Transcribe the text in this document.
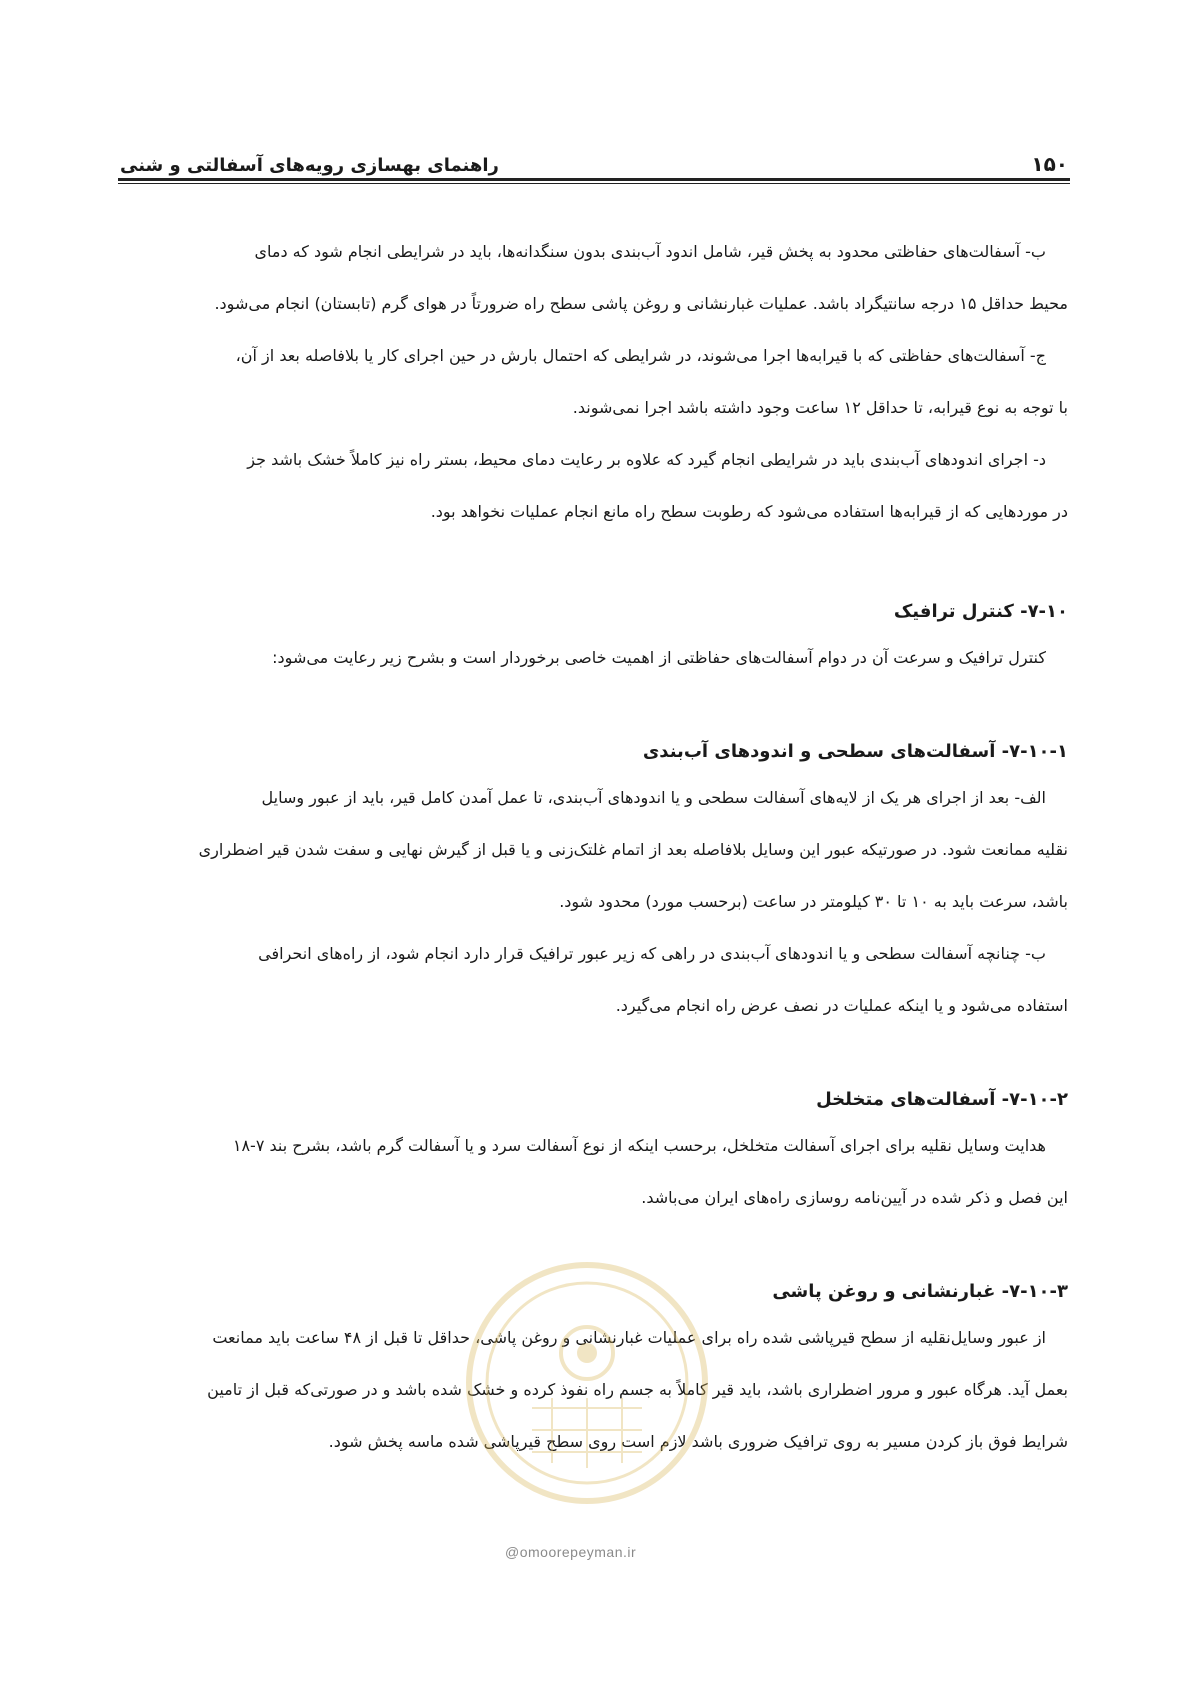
۱۵۰
راهنمای بهسازی رویه‌های آسفالتی و شنی

ب- آسفالت‌های حفاظتی محدود به پخش قیر، شامل اندود آب‌بندی بدون سنگدانه‌ها، باید در شرایطی انجام شود که دمای

محیط حداقل ۱۵ درجه سانتیگراد باشد. عملیات غبارنشانی و روغن پاشی سطح راه ضرورتاً در هوای گرم (تابستان) انجام می‌شود.

ج- آسفالت‌های حفاظتی که با قیرابه‌ها اجرا می‌شوند، در شرایطی که احتمال بارش در حین اجرای کار یا بلافاصله بعد از آن،

با توجه به نوع قیرابه، تا حداقل ۱۲ ساعت وجود داشته باشد اجرا نمی‌شوند.

د- اجرای اندودهای آب‌بندی باید در شرایطی انجام گیرد که علاوه بر رعایت دمای محیط، بستر راه نیز کاملاً خشک باشد جز

در موردهایی که از قیرابه‌ها استفاده می‌شود که رطوبت سطح راه مانع انجام عملیات نخواهد بود.

۷-۱۰- کنترل ترافیک

کنترل ترافیک و سرعت آن در دوام آسفالت‌های حفاظتی از اهمیت خاصی برخوردار است و بشرح زیر رعایت می‌شود:

۷-۱۰-۱- آسفالت‌های سطحی و اندودهای آب‌بندی

الف- بعد از اجرای هر یک از لایه‌های آسفالت سطحی و یا اندودهای آب‌بندی، تا عمل آمدن کامل قیر، باید از عبور وسایل

نقلیه ممانعت شود. در صورتیکه عبور این وسایل بلافاصله بعد از اتمام غلتک‌زنی و یا قبل از گیرش نهایی و سفت شدن قیر اضطراری

باشد، سرعت باید به ۱۰ تا ۳۰ کیلومتر در ساعت (برحسب مورد) محدود شود.

ب- چنانچه آسفالت سطحی و یا اندودهای آب‌بندی در راهی که زیر عبور ترافیک قرار دارد انجام شود، از راه‌های انحرافی

استفاده می‌شود و یا اینکه عملیات در نصف عرض راه انجام می‌گیرد.

۷-۱۰-۲- آسفالت‌های متخلخل

هدایت وسایل نقلیه برای اجرای آسفالت متخلخل، برحسب اینکه از نوع آسفالت سرد و یا آسفالت گرم باشد، بشرح بند ۷-۱۸

این فصل و ذکر شده در آیین‌نامه روسازی راه‌های ایران می‌باشد.

۷-۱۰-۳- غبارنشانی و روغن پاشی

از عبور وسایل‌نقلیه از سطح قیرپاشی شده راه برای عملیات غبارنشانی و روغن پاشی، حداقل تا قبل از ۴۸ ساعت باید ممانعت

بعمل آید. هرگاه عبور و مرور اضطراری باشد، باید قیر کاملاً به جسم راه نفوذ کرده و خشک شده باشد و در صورتی‌که قبل از تامین

شرایط فوق باز کردن مسیر به روی ترافیک ضروری باشد لازم است روی سطح قیرپاشی شده ماسه پخش شود.

@omoorepeyman.ir
